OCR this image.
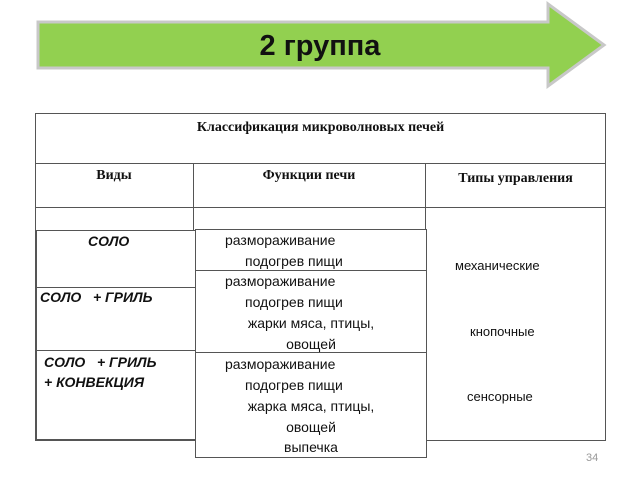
2 группа
Классификация микроволновых печей
Виды	Функции печи	Типы управления
СОЛО
СОЛО   + ГРИЛЬ
СОЛО   + ГРИЛЬ
+ КОНВЕКЦИЯ
размораживание
подогрев пищи
размораживание
подогрев пищи
жарки мяса, птицы,
овощей
размораживание
подогрев пищи
жарка мяса, птицы,
овощей
выпечка
механические
кнопочные
сенсорные
34
